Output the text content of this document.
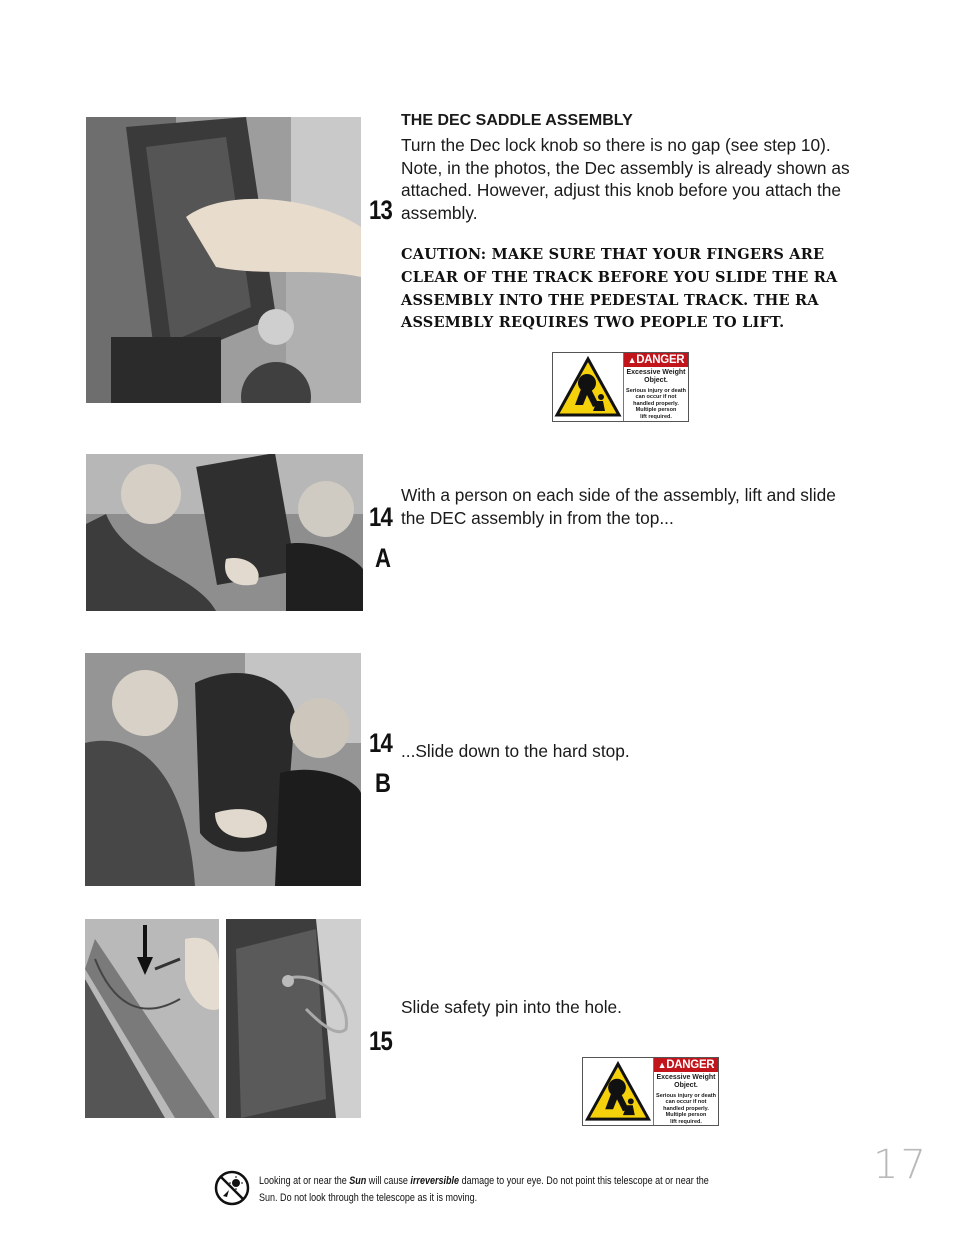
13
THE DEC SADDLE ASSEMBLY
Turn the Dec lock knob so there is no gap (see step 10). Note, in the photos, the Dec assembly is already shown as attached. However, adjust this knob before you attach the assembly.
CAUTION: MAKE SURE THAT YOUR FINGERS ARE CLEAR OF THE TRACK BEFORE YOU SLIDE THE RA ASSEMBLY INTO THE PEDESTAL TRACK. THE RA ASSEMBLY REQUIRES TWO PEOPLE TO LIFT.
▲DANGER
Excessive Weight
Object.
Serious injury or death
can occur if not
handled properly.
Multiple person
lift required.
14
A
With a person on each side of the assembly, lift and slide the DEC assembly in from the top...
14
B
...Slide down to the hard stop.
15
Slide safety pin into the hole.
▲DANGER
Excessive Weight
Object.
Serious injury or death
can occur if not
handled properly.
Multiple person
lift required.
17
Looking at or near the Sun will cause irreversible damage to your eye. Do not point this telescope at or near the
Sun. Do not look through the telescope as it is moving.
